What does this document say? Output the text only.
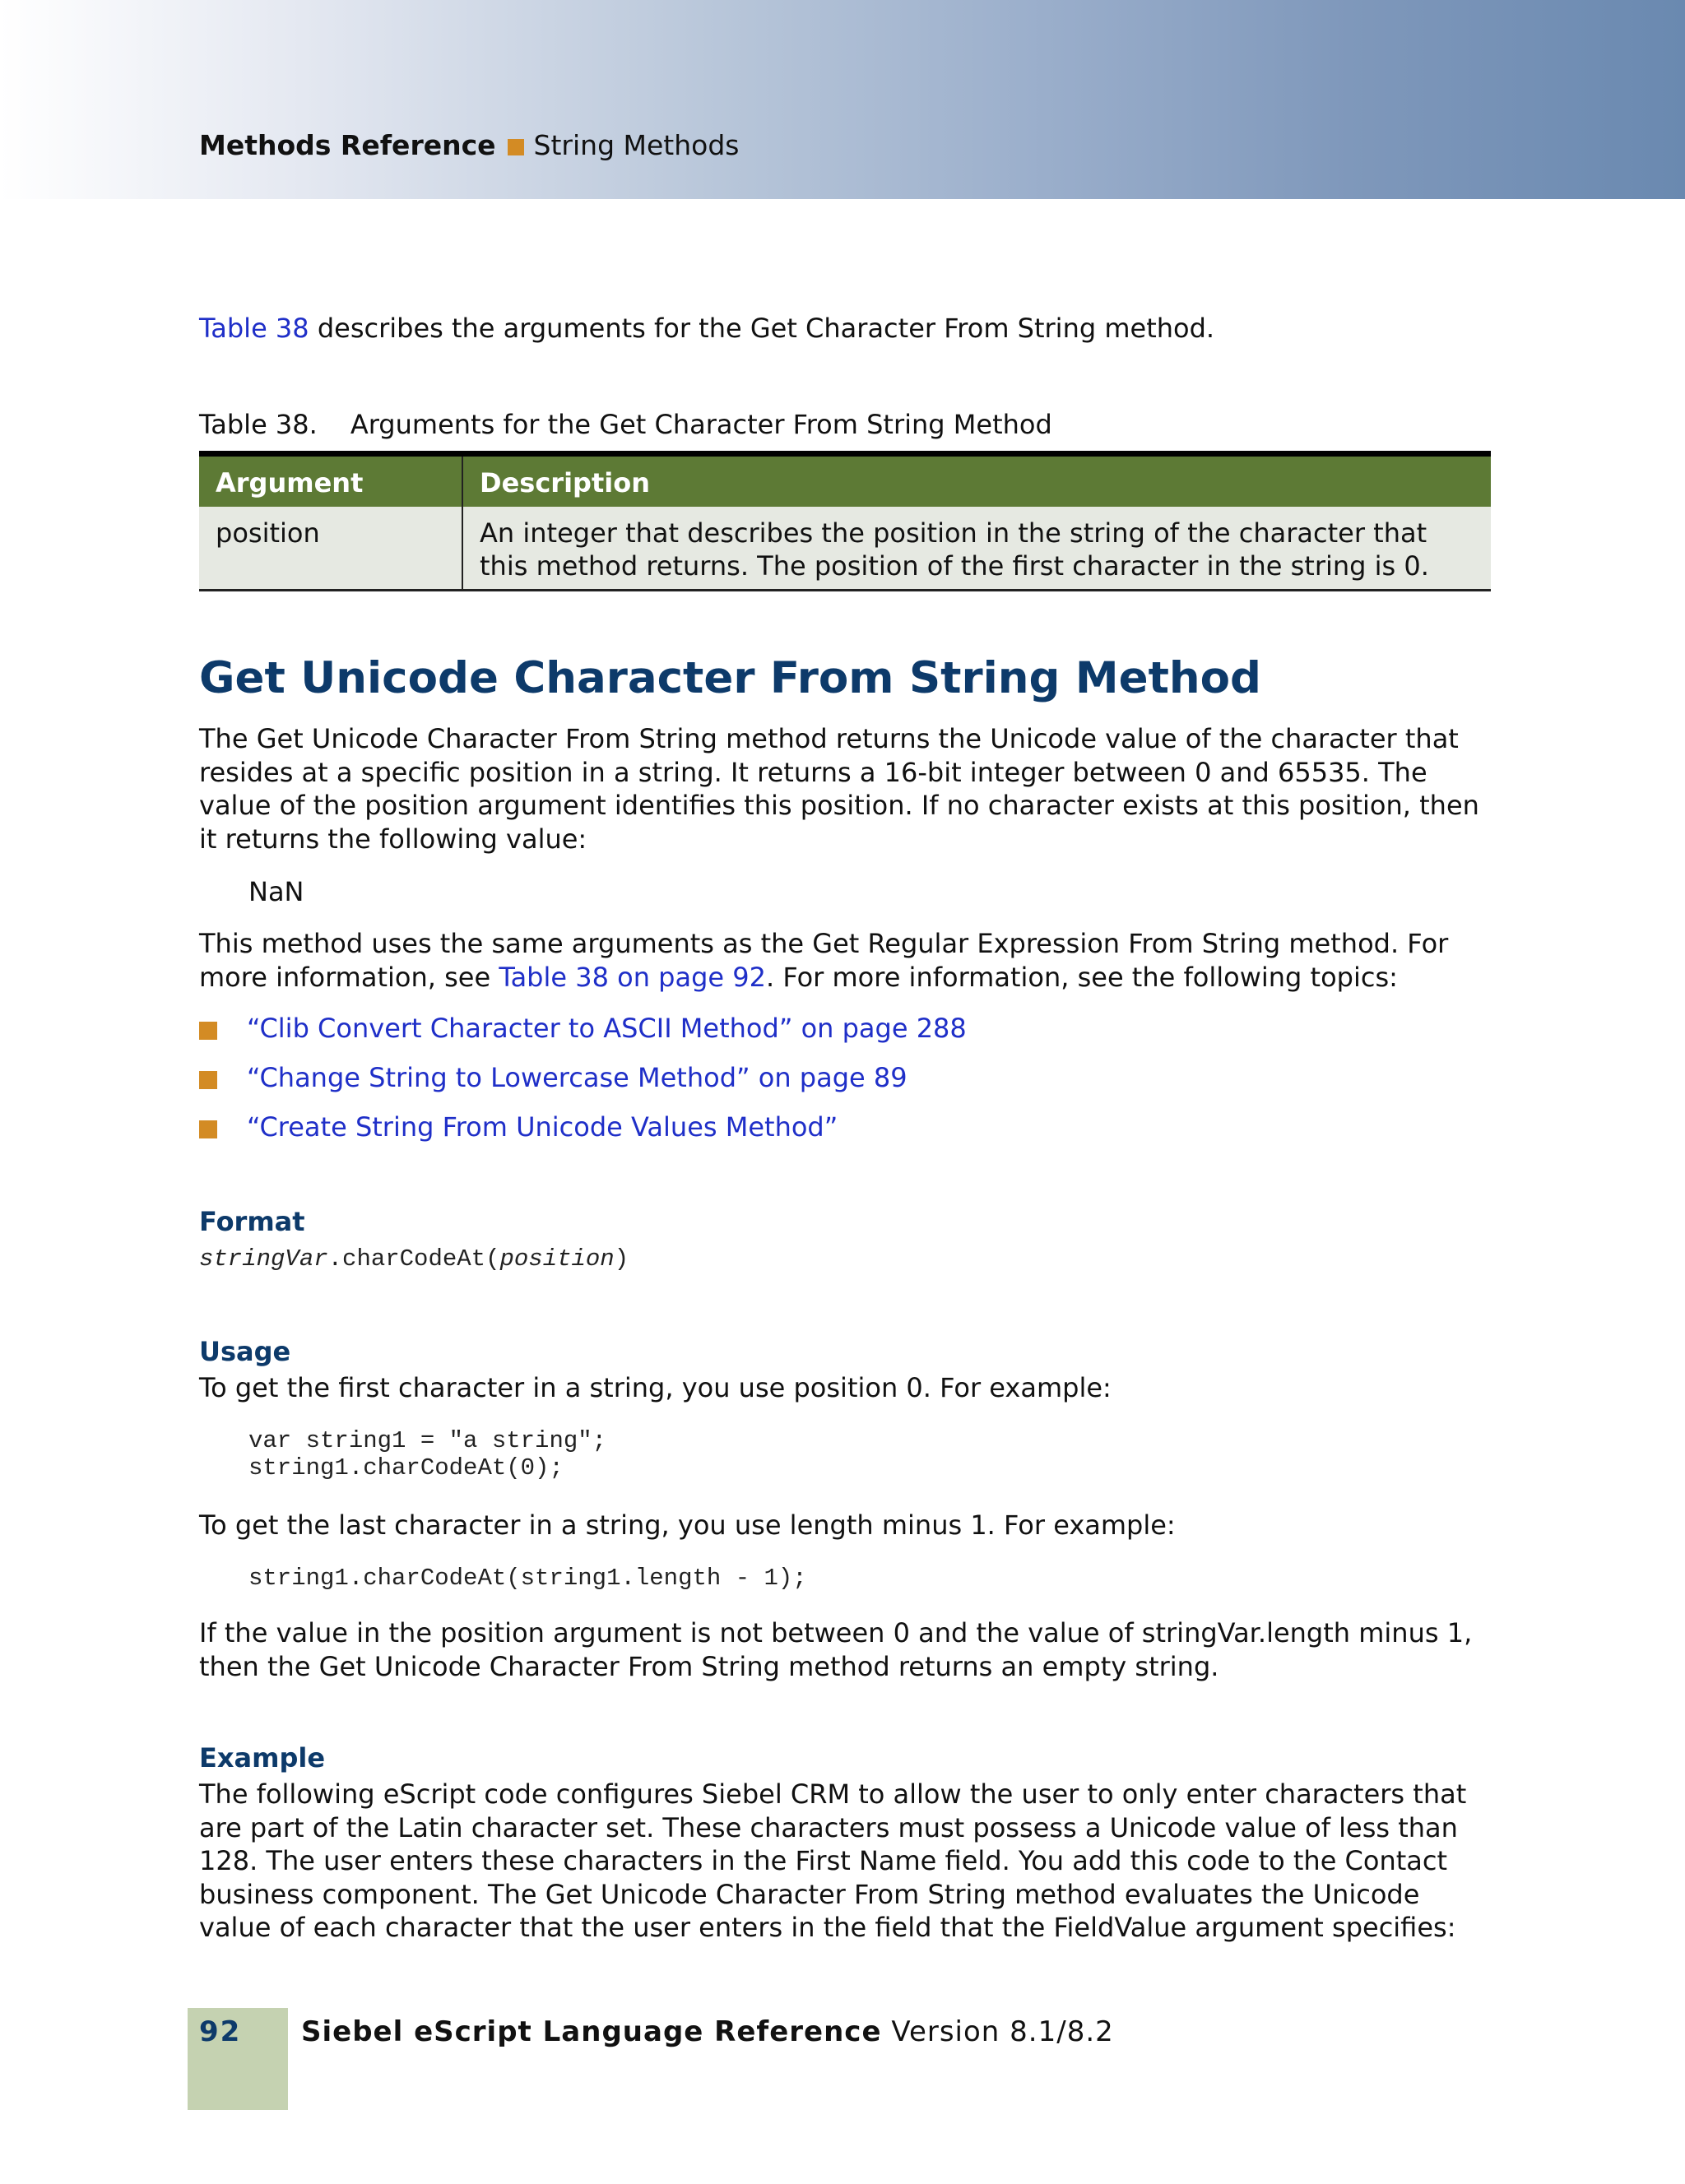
Methods Reference String Methods
Table 38 describes the arguments for the Get Character From String method.
Table 38. Arguments for the Get Character From String Method
Argument	Description
position	An integer that describes the position in the string of the character that this method returns. The position of the first character in the string is 0.
Get Unicode Character From String Method
The Get Unicode Character From String method returns the Unicode value of the character that resides at a specific position in a string. It returns a 16-bit integer between 0 and 65535. The value of the position argument identifies this position. If no character exists at this position, then it returns the following value:
NaN
This method uses the same arguments as the Get Regular Expression From String method. For more information, see Table 38 on page 92. For more information, see the following topics:
“Clib Convert Character to ASCII Method” on page 288
“Change String to Lowercase Method” on page 89
“Create String From Unicode Values Method”
Format
stringVar.charCodeAt(position)
Usage
To get the first character in a string, you use position 0. For example:
var string1 = "a string";
string1.charCodeAt(0);
To get the last character in a string, you use length minus 1. For example:
string1.charCodeAt(string1.length - 1);
If the value in the position argument is not between 0 and the value of stringVar.length minus 1, then the Get Unicode Character From String method returns an empty string.
Example
The following eScript code configures Siebel CRM to allow the user to only enter characters that are part of the Latin character set. These characters must possess a Unicode value of less than 128. The user enters these characters in the First Name field. You add this code to the Contact business component. The Get Unicode Character From String method evaluates the Unicode value of each character that the user enters in the field that the FieldValue argument specifies:
92 Siebel eScript Language Reference Version 8.1/8.2
